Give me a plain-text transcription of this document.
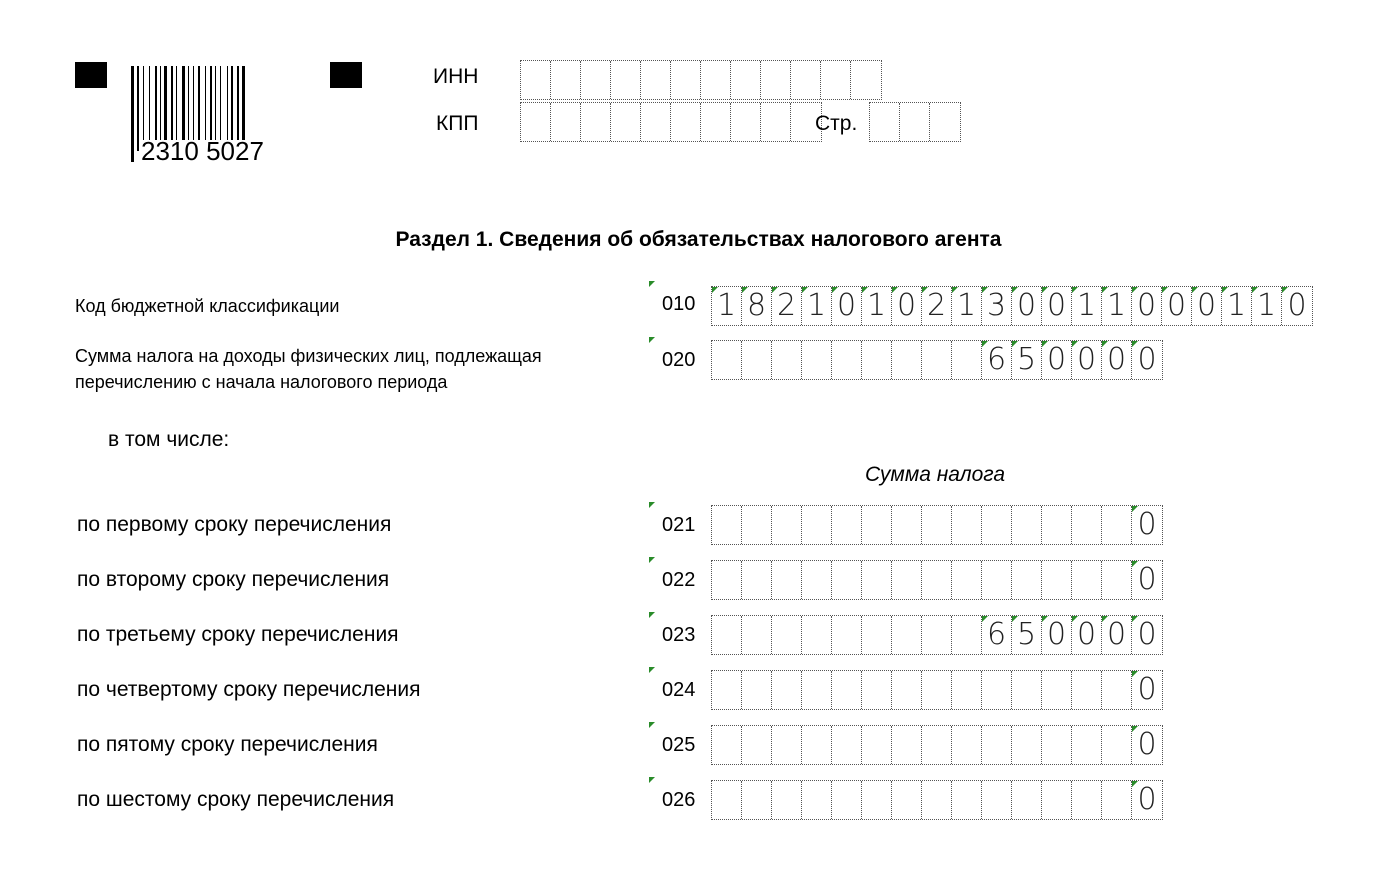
2310 5027
ИНН
КПП	Стр.
Раздел 1. Сведения об обязательствах налогового агента
Код бюджетной классификации	010 1 8 2 1 0 1 0 2 1 3 0 0 1 1 0 0 0 1 1 0
Сумма налога на доходы физических лиц, подлежащая
перечислению с начала налогового периода
020	6 5 0 0 0 0
в том числе:
Сумма налога
по первому сроку перечисления	021	0
по второму сроку перечисления	022	0
по третьему сроку перечисления	023	6 5 0 0 0 0
по четвертому сроку перечисления	024	0
по пятому сроку перечисления	025	0
по шестому сроку перечисления	026	0
